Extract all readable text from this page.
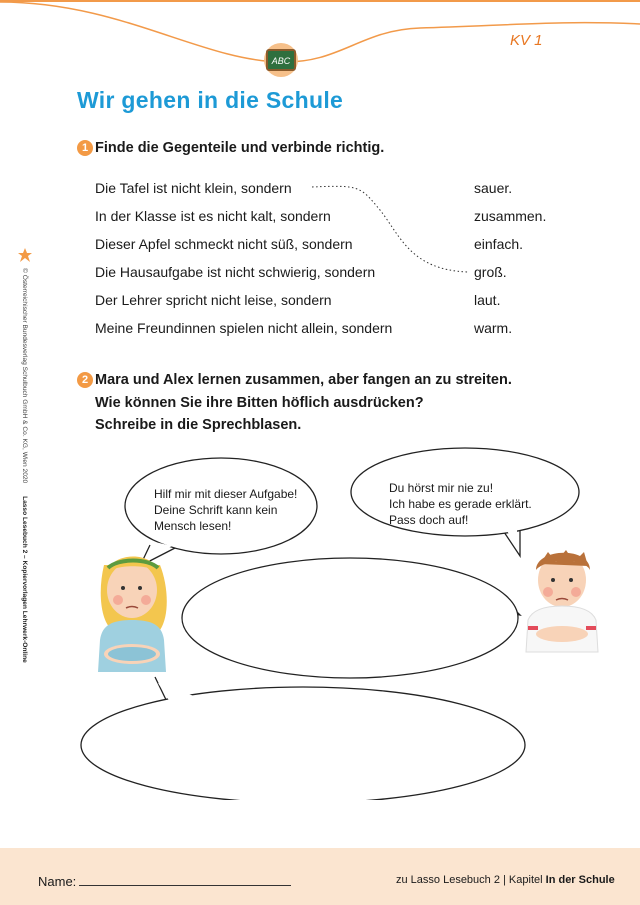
KV 1
ABC
Wir gehen in die Schule
1 Finde die Gegenteile und verbinde richtig.
Die Tafel ist nicht klein, sondern
In der Klasse ist es nicht kalt, sondern
Dieser Apfel schmeckt nicht süß, sondern
Die Hausaufgabe ist nicht schwierig, sondern
Der Lehrer spricht nicht leise, sondern
Meine Freundinnen spielen nicht allein, sondern
sauer.
zusammen.
einfach.
groß.
laut.
warm.
© Österreichischer Bundesverlag Schulbuch GmbH & Co. KG, Wien 2020       Lasso Lesebuch 2 – Kopiervorlagen Lehrwerk-Online
2 Mara und Alex lernen zusammen, aber fangen an zu streiten.
Wie können Sie ihre Bitten höflich ausdrücken?
Schreibe in die Sprechblasen.
Hilf mir mit dieser Aufgabe!
Deine Schrift kann kein
Mensch lesen!
Du hörst mir nie zu!
Ich habe es gerade erklärt.
Pass doch auf!
Name:	zu Lasso Lesebuch 2 | Kapitel In der Schule
